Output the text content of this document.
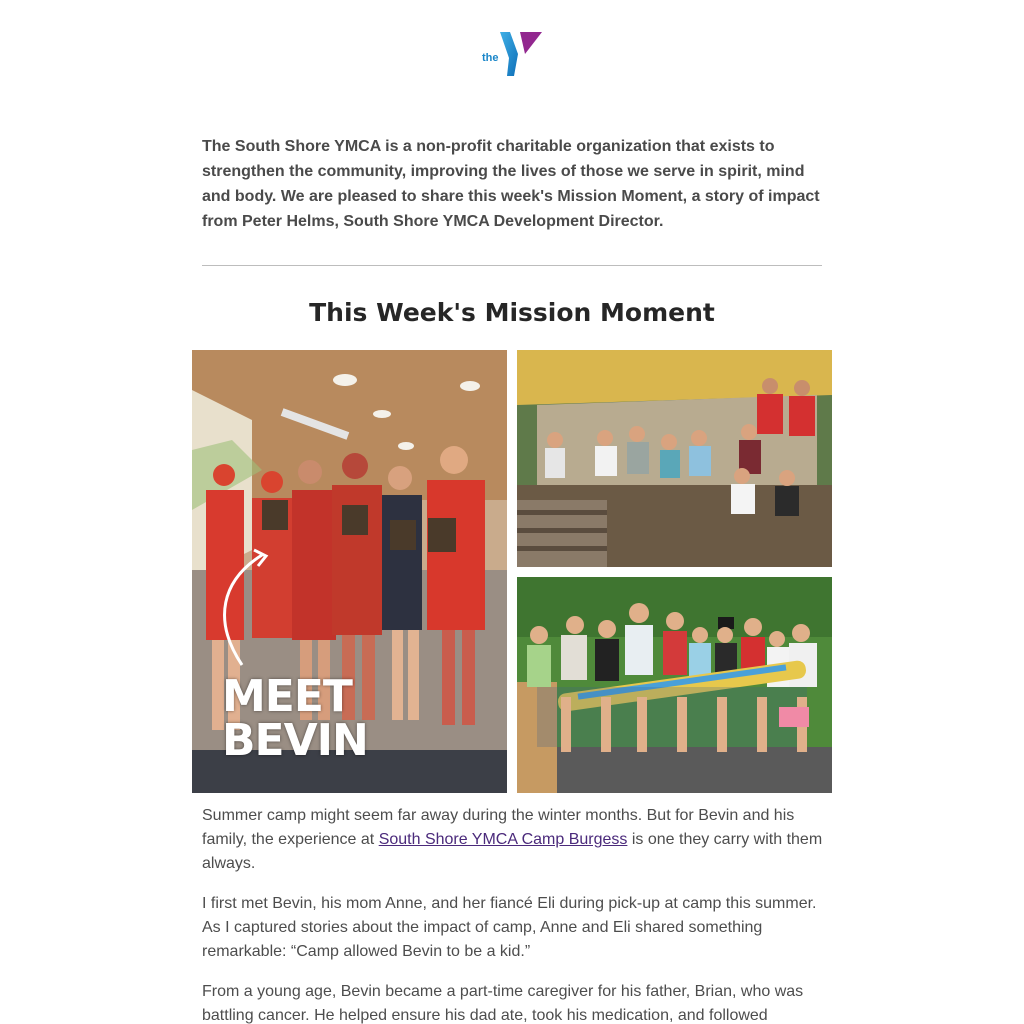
the

The South Shore YMCA is a non-profit charitable organization that exists to strengthen the community, improving the lives of those we serve in spirit, mind and body. We are pleased to share this week's Mission Moment, a story of impact from Peter Helms, South Shore YMCA Development Director.

This Week's Mission Moment
MEET
BEVIN

Summer camp might seem far away during the winter months. But for Bevin and his family, the experience at South Shore YMCA Camp Burgess is one they carry with them always.

I first met Bevin, his mom Anne, and her fiancé Eli during pick-up at camp this summer. As I captured stories about the impact of camp, Anne and Eli shared something remarkable: “Camp allowed Bevin to be a kid.”

From a young age, Bevin became a part-time caregiver for his father, Brian, who was battling cancer. He helped ensure his dad ate, took his medication, and followed
